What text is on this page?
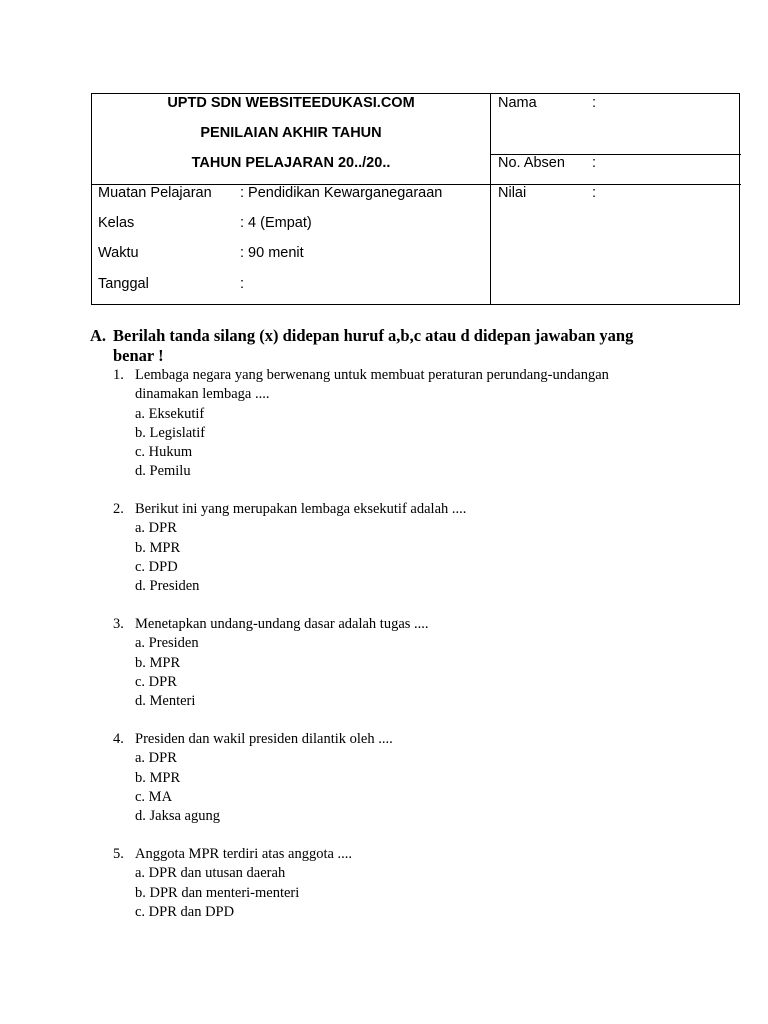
UPTD SDN WEBSITEEDUKASI.COM
PENILAIAN AKHIR TAHUN
TAHUN PELAJARAN 20../20..
Muatan Pelajaran : Pendidikan Kewarganegaraan
Kelas	: 4 (Empat)
Waktu	: 90 menit
Tanggal	:
Nama	:
No. Absen :
Nilai	:
A. Berilah tanda silang (x) didepan huruf a,b,c atau d didepan jawaban yang benar !
1. Lembaga negara yang berwenang untuk membuat peraturan perundang-undangan dinamakan lembaga ....
a. Eksekutif
b. Legislatif
c. Hukum
d. Pemilu
2. Berikut ini yang merupakan lembaga eksekutif adalah ....
a. DPR
b. MPR
c. DPD
d. Presiden
3. Menetapkan undang-undang dasar adalah tugas ....
a. Presiden
b. MPR
c. DPR
d. Menteri
4. Presiden dan wakil presiden dilantik oleh ....
a. DPR
b. MPR
c. MA
d. Jaksa agung
5. Anggota MPR terdiri atas anggota ....
a. DPR dan utusan daerah
b. DPR dan menteri-menteri
c. DPR dan DPD
